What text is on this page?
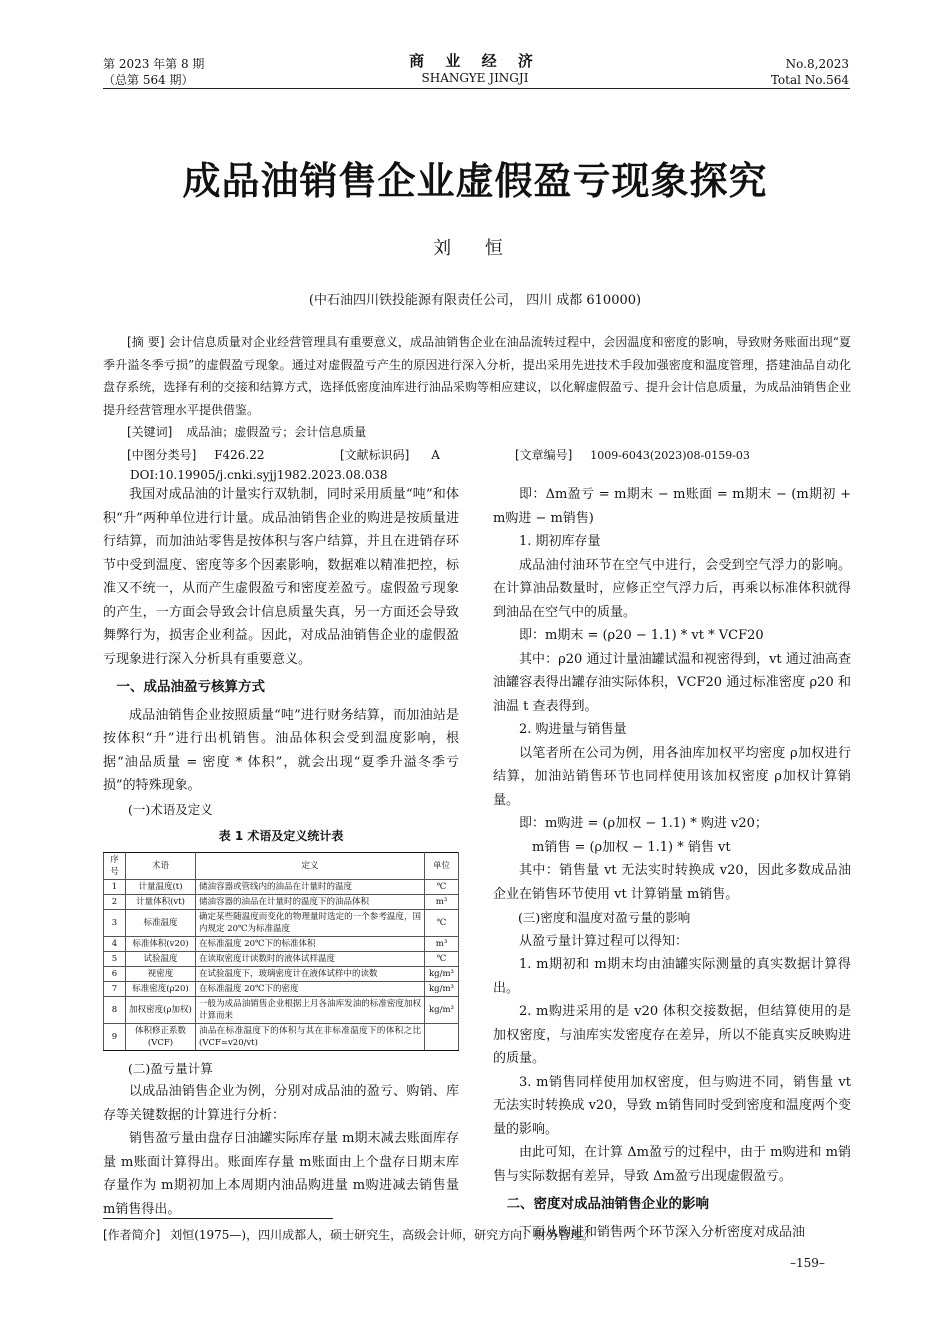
第 2023 年第 8 期
（总第 564 期）
商 业 经 济
SHANGYE JINGJI
No.8,2023
Total No.564
成品油销售企业虚假盈亏现象探究
刘 恒
(中石油四川铁投能源有限责任公司， 四川 成都 610000)
[摘 要] 会计信息质量对企业经营管理具有重要意义，成品油销售企业在油品流转过程中，会因温度和密度的影响，导致财务账面出现“夏季升溢冬季亏损”的虚假盈亏现象。通过对虚假盈亏产生的原因进行深入分析，提出采用先进技术手段加强密度和温度管理，搭建油品自动化盘存系统，选择有利的交接和结算方式，选择低密度油库进行油品采购等相应建议，以化解虚假盈亏、提升会计信息质量，为成品油销售企业提升经营管理水平提供借鉴。
[关键词] 成品油；虚假盈亏；会计信息质量
[中图分类号] F426.22	[文献标识码] A	[文章编号] 1009-6043(2023)08-0159-03
DOI:10.19905/j.cnki.syjj1982.2023.08.038

我国对成品油的计量实行双轨制，同时采用质量“吨”和体积“升”两种单位进行计量。成品油销售企业的购进是按质量进行结算，而加油站零售是按体积与客户结算，并且在进销存环节中受到温度、密度等多个因素影响，数据难以精准把控，标准又不统一，从而产生虚假盈亏和密度差盈亏。虚假盈亏现象的产生，一方面会导致会计信息质量失真，另一方面还会导致舞弊行为，损害企业利益。因此，对成品油销售企业的虚假盈亏现象进行深入分析具有重要意义。

一、成品油盈亏核算方式

成品油销售企业按照质量“吨”进行财务结算，而加油站是按体积“升”进行出机销售。油品体积会受到温度影响，根据“油品质量 = 密度 * 体积”，就会出现“夏季升溢冬季亏损”的特殊现象。

(一)术语及定义
表 1 术语及定义统计表
序号	术语	定义	单位
1	计量温度(t)	储油容器或管线内的油品在计量时的温度	℃
2	计量体积(vt)	储油容器的油品在计量时的温度下的油品体积	m³
3	标准温度	确定某些随温度而变化的物理量时选定的一个参考温度，国内规定 20℃为标准温度	℃
4	标准体积(v20)	在标准温度 20℃下的标准体积	m³
5	试验温度	在读取密度计读数时的液体试样温度	℃
6	视密度	在试验温度下，玻璃密度计在液体试样中的读数	kg/m³
7	标准密度(ρ20)	在标准温度 20℃下的密度	kg/m³
8	加权密度(ρ加权)	一般为成品油销售企业根据上月各油库发油的标准密度加权计算而来	kg/m³
9	体积修正系数(VCF)	油品在标准温度下的体积与其在非标准温度下的体积之比(VCF=v20/vt)	
(二)盈亏量计算

以成品油销售企业为例，分别对成品油的盈亏、购销、库存等关键数据的计算进行分析：

销售盈亏量由盘存日油罐实际库存量 m期末减去账面库存量 m账面计算得出。账面库存量 m账面由上个盘存日期末库存量作为 m期初加上本周期内油品购进量 m购进减去销售量 m销售得出。

即：Δm盈亏 = m期末 − m账面 = m期末 − (m期初 + m购进 − m销售)

1. 期初库存量

成品油付油环节在空气中进行，会受到空气浮力的影响。在计算油品数量时，应修正空气浮力后，再乘以标准体积就得到油品在空气中的质量。

即：m期末 = (ρ20 − 1.1) * vt * VCF20

其中：ρ20 通过计量油罐试温和视密得到，vt 通过油高查油罐容表得出罐存油实际体积，VCF20 通过标准密度 ρ20 和油温 t 查表得到。

2. 购进量与销售量

以笔者所在公司为例，用各油库加权平均密度 ρ加权进行结算，加油站销售环节也同样使用该加权密度 ρ加权计算销量。

即：m购进 = (ρ加权 − 1.1) * 购进 v20；

m销售 = (ρ加权 − 1.1) * 销售 vt

其中：销售量 vt 无法实时转换成 v20，因此多数成品油企业在销售环节使用 vt 计算销量 m销售。

(三)密度和温度对盈亏量的影响

从盈亏量计算过程可以得知：

1. m期初和 m期末均由油罐实际测量的真实数据计算得出。

2. m购进采用的是 v20 体积交接数据，但结算使用的是加权密度，与油库实发密度存在差异，所以不能真实反映购进的质量。

3. m销售同样使用加权密度，但与购进不同，销售量 vt 无法实时转换成 v20，导致 m销售同时受到密度和温度两个变量的影响。

由此可知，在计算 Δm盈亏的过程中，由于 m购进和 m销售与实际数据有差异，导致 Δm盈亏出现虚假盈亏。

二、密度对成品油销售企业的影响

下面从购进和销售两个环节深入分析密度对成品油

[作者简介] 刘恒(1975—)，四川成都人，硕士研究生，高级会计师，研究方向：财务管理。
–159–
